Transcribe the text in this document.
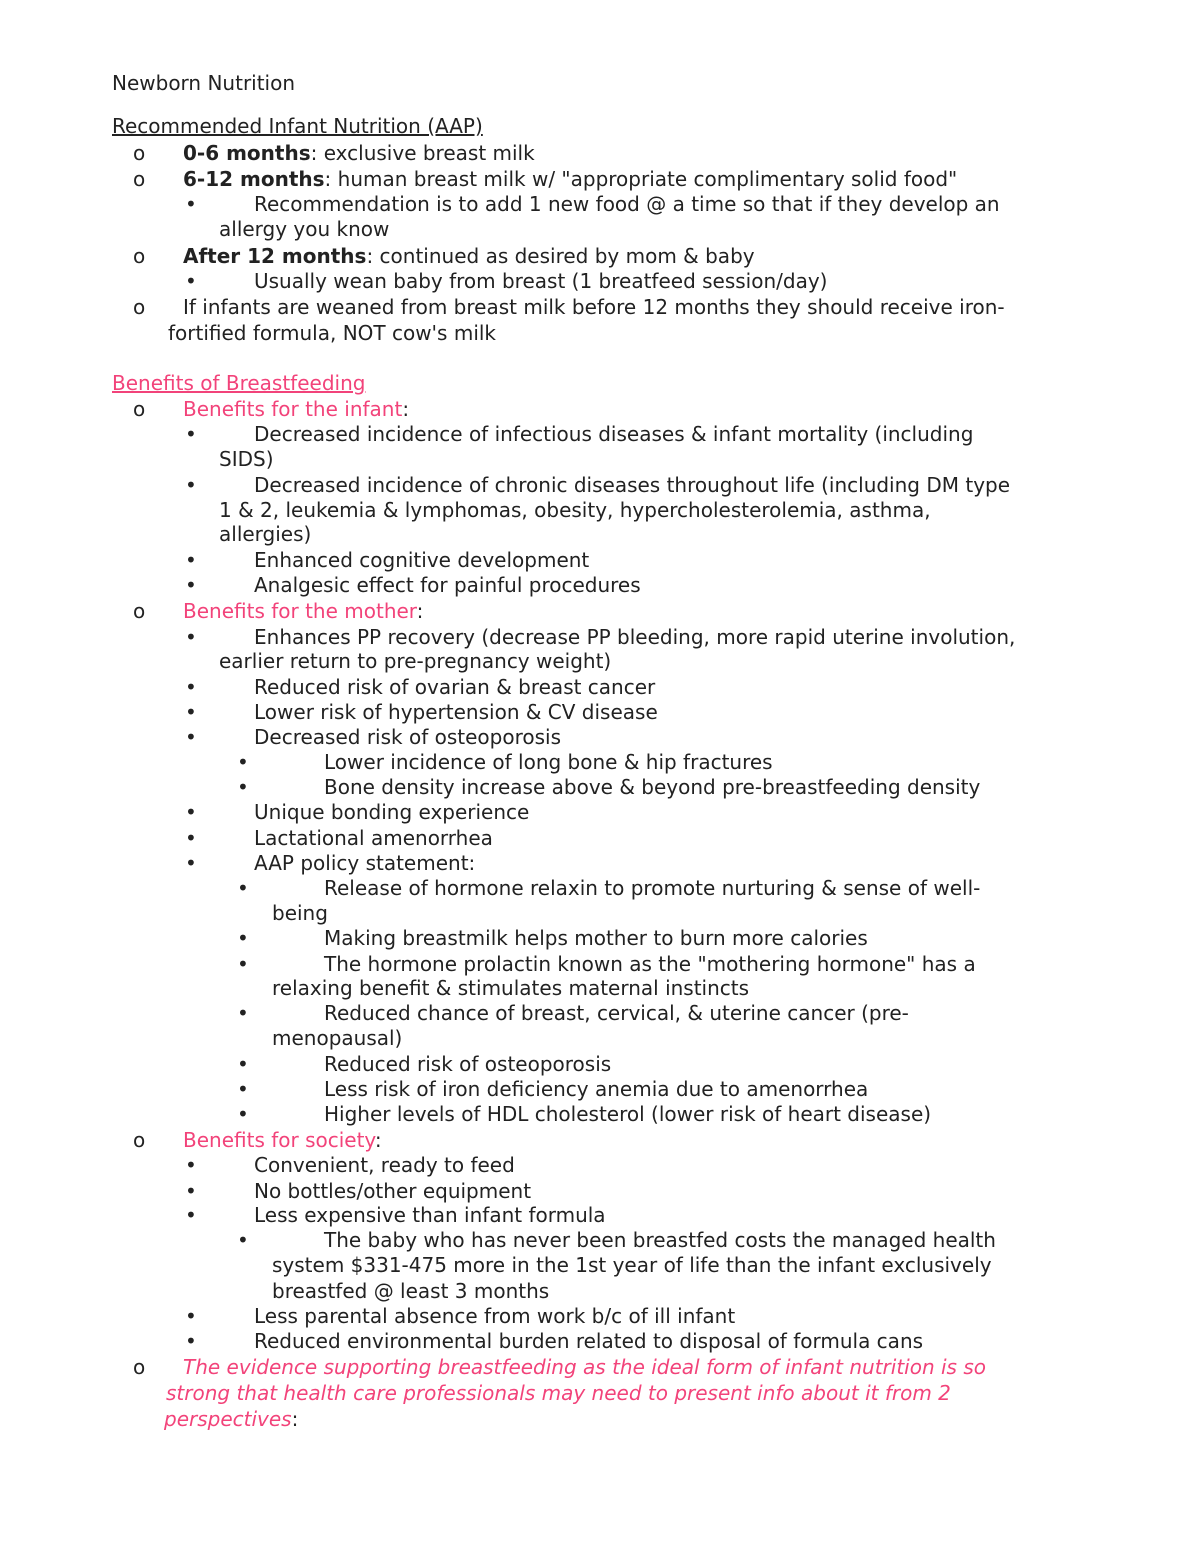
Newborn Nutrition
Recommended Infant Nutrition (AAP)
o 0-6 months: exclusive breast milk
o 6-12 months: human breast milk w/ "appropriate complimentary solid food"
•	Recommendation is to add 1 new food @ a time so that if they develop an
allergy you know
o After 12 months: continued as desired by mom & baby
•	Usually wean baby from breast (1 breatfeed session/day)
o If infants are weaned from breast milk before 12 months they should receive iron-
fortified formula, NOT cow's milk
Benefits of Breastfeeding
o Benefits for the infant:
•	Decreased incidence of infectious diseases & infant mortality (including
SIDS)
•	Decreased incidence of chronic diseases throughout life (including DM type
1 & 2, leukemia & lymphomas, obesity, hypercholesterolemia, asthma,
allergies)
•	Enhanced cognitive development
•	Analgesic effect for painful procedures
o Benefits for the mother:
•	Enhances PP recovery (decrease PP bleeding, more rapid uterine involution,
earlier return to pre-pregnancy weight)
•	Reduced risk of ovarian & breast cancer
•	Lower risk of hypertension & CV disease
•	Decreased risk of osteoporosis
•	Lower incidence of long bone & hip fractures
•	Bone density increase above & beyond pre-breastfeeding density
•	Unique bonding experience
•	Lactational amenorrhea
•	AAP policy statement:
•	Release of hormone relaxin to promote nurturing & sense of well-
being
•	Making breastmilk helps mother to burn more calories
•	The hormone prolactin known as the "mothering hormone" has a
relaxing benefit & stimulates maternal instincts
•	Reduced chance of breast, cervical, & uterine cancer (pre-
menopausal)
•	Reduced risk of osteoporosis
•	Less risk of iron deficiency anemia due to amenorrhea
•	Higher levels of HDL cholesterol (lower risk of heart disease)
o Benefits for society:
•	Convenient, ready to feed
•	No bottles/other equipment
•	Less expensive than infant formula
•	The baby who has never been breastfed costs the managed health
system $331-475 more in the 1st year of life than the infant exclusively
breastfed @ least 3 months
•	Less parental absence from work b/c of ill infant
•	Reduced environmental burden related to disposal of formula cans
o The evidence supporting breastfeeding as the ideal form of infant nutrition is so
strong that health care professionals may need to present info about it from 2
perspectives:
